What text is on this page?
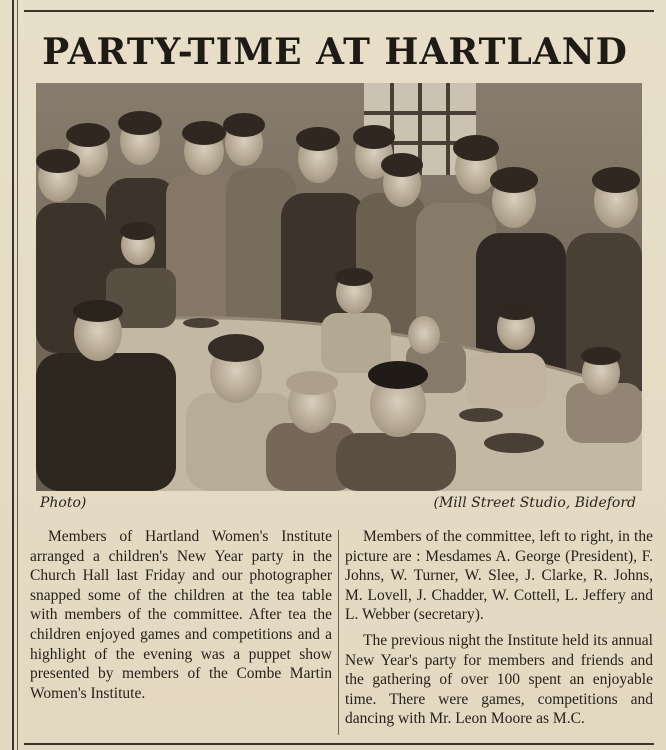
PARTY-TIME AT HARTLAND
Photo)	(Mill Street Studio, Bideford

Members of Hartland Women's Institute arranged a children's New Year party in the Church Hall last Friday and our photographer snapped some of the children at the tea table with members of the committee. After tea the children enjoyed games and competitions and a highlight of the evening was a puppet show presented by members of the Combe Martin Women's Institute.

Members of the committee, left to right, in the picture are : Mesdames A. George (President), F. Johns, W. Turner, W. Slee, J. Clarke, R. Johns, M. Lovell, J. Chadder, W. Cottell, L. Jeffery and L. Webber (secretary).

The previous night the Institute held its annual New Year's party for members and friends and the gathering of over 100 spent an enjoyable time. There were games, competitions and dancing with Mr. Leon Moore as M.C.
